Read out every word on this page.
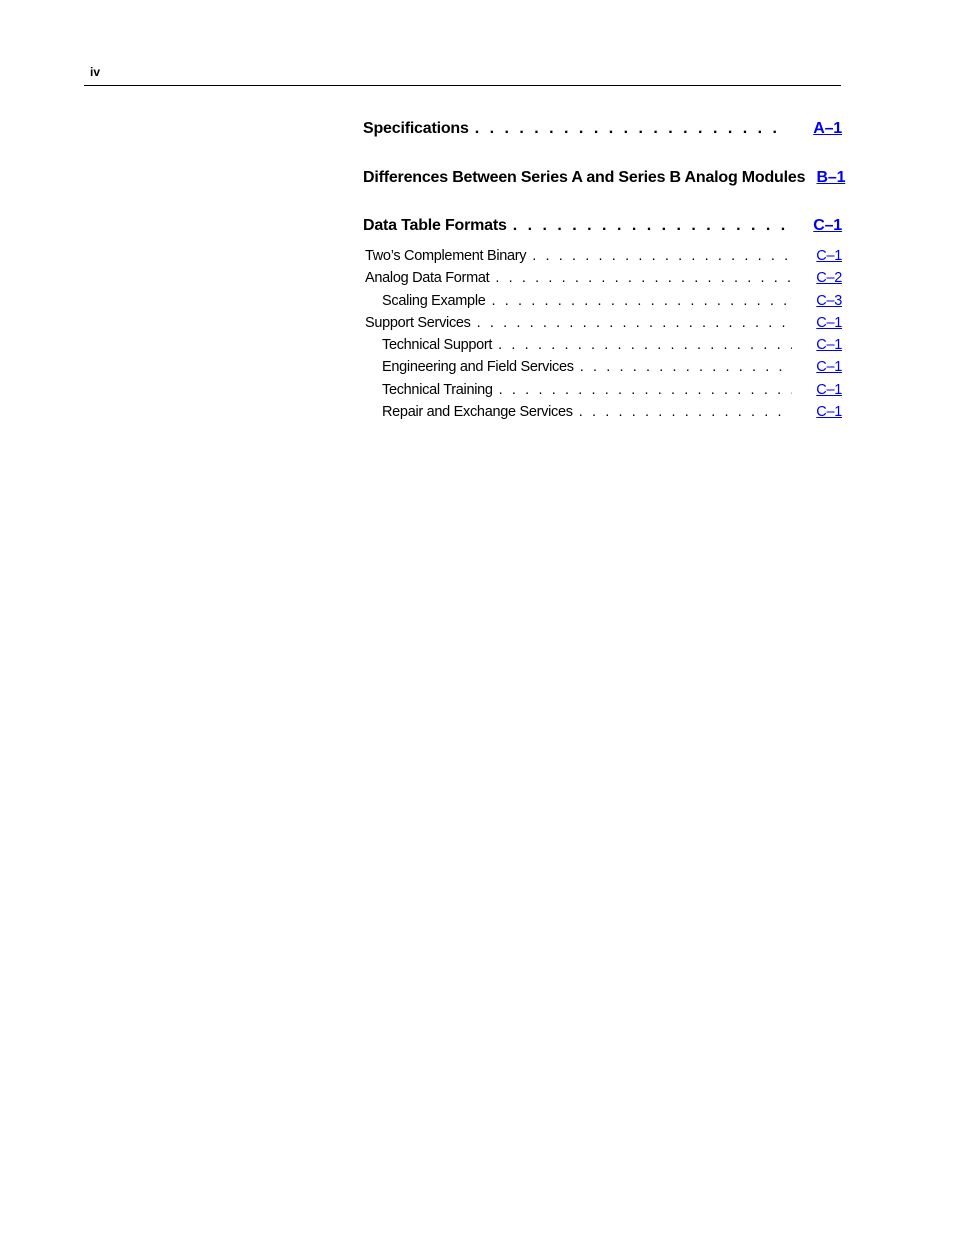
iv
Specifications . . .	A–1
Differences Between Series A and Series B Analog Modules B–1
Data Table Formats . . .	C–1
Two’s Complement Binary . . .	C–1
Analog Data Format . . .	C–2
Scaling Example . . .	C–3
Support Services . . .	C–1
Technical Support . . .	C–1
Engineering and Field Services . . .	C–1
Technical Training . . .	C–1
Repair and Exchange Services . . .	C–1
